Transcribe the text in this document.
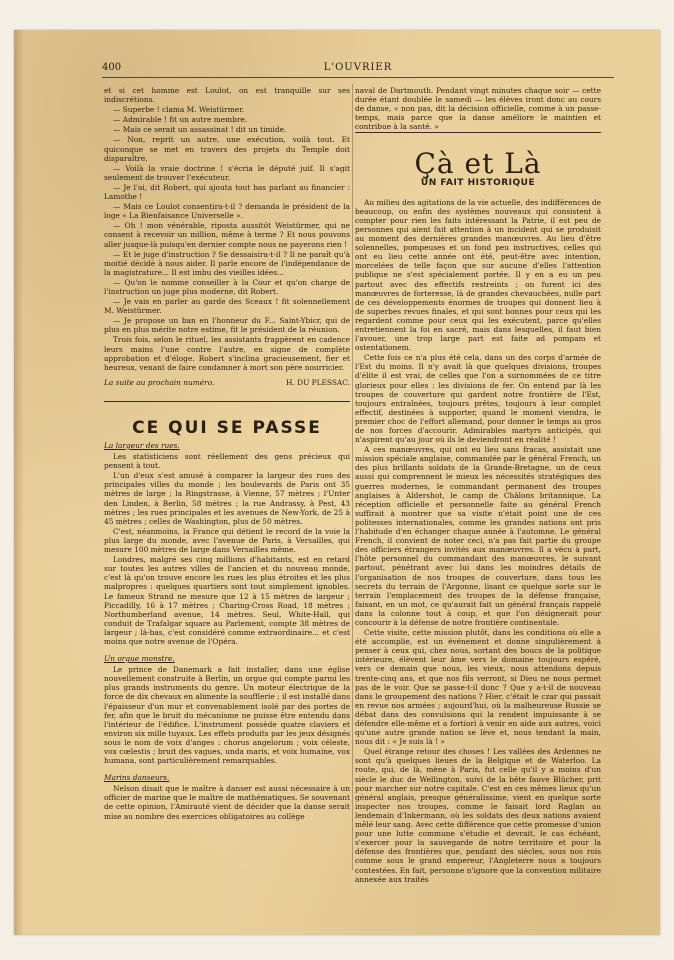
400	L'OUVRIER

et si cet homme est Loulot, on est tranquille sur ses indiscrétions.

— Superbe ! clama M. Weistürmer.

— Admirable ! fit un autre membre.

— Mais ce serait un assassinat ! dit un timide.

— Non, reprit un autre, une exécution, voilà tout. Et quiconque se met en travers des projets du Temple doit disparaître.

— Voilà la vraie doctrine ! s'écria le député juif. Il s'agit seulement de trouver l'exécuteur.

— Je l'ai, dit Robert, qui ajouta tout bas parlant au financier : Lamothe !

— Mais ce Loulot consentira-t-il ? demanda le président de la loge « La Bienfaisance Universelle ».

— Oh ! mon vénérable, riposta aussitôt Weistürmer, qui ne consent à recevoir un million, même à terme ? Et nous pouvons aller jusque-là puisqu'en dernier compte nous ne payerons rien !

— Et le juge d'instruction ? Se dessaisira-t-il ? Il ne paraît qu'à moitié décidé à nous aider. Il parle encore de l'indépendance de la magistrature... Il est imbu des vieilles idées...

— Qu'on le nomme conseiller à la Cour et qu'on charge de l'instruction un juge plus moderne, dit Robert.

— Je vais en parler au garde des Sceaux ! fit solennellement M. Weistürmer.

— Je propose un ban en l'honneur du F... Saint-Ybicr, qui de plus en plus mérite notre estime, fit le président de la réunion.

Trois fois, selon le rituel, les assistants frappèrent en cadence leurs mains l'une contre l'autre, en signe de complète approbation et d'éloge. Robert s'inclina gracieusement, fier et heureux, venant de faire condamner à mort son père nourricier.

La suite au prochain numéro.	H. DU PLESSAC.
CE QUI SE PASSE
La largeur des rues.

Les statisticiens sont réellement des gens précieux qui pensent à tout.

L'un d'eux s'est amusé à comparer la largeur des rues des principales villes du monde ; les boulevards de Paris ont 35 mètres de large ; la Ringstrasse, à Vienne, 57 mètres ; l'Unter den Linden, à Berlin, 58 mètres ; la rue Andrassy, à Pest, 43 mètres ; les rues principales et les avenues de New-York, de 25 à 45 mètres ; celles de Washington, plus de 50 mètres.

C'est, néanmoins, la France qui détient le record de la voie la plus large du monde, avec l'avenue de Paris, à Versailles, qui mesure 100 mètres de large dans Versailles même.

Londres, malgré ses cinq millions d'habitants, est en retard sur toutes les autres villes de l'ancien et du nouveau monde, c'est là qu'on trouve encore les rues les plus étroites et les plus malpropres : quelques quartiers sont tout simplement ignobles. Le fameux Strand ne mesure que 12 à 15 mètres de largeur ; Piccadilly, 16 à 17 mètres ; Charing-Cross Road, 18 mètres ; Northumberland avenue, 14 mètres. Seul, White-Hall, qui conduit de Trafalgar square au Parlement, compte 38 mètres de largeur ; là-bas, c'est considéré comme extraordinaire... et c'est moins que notre avenue de l'Opéra.

Un orgue monstre.

Le prince de Danemark a fait installer, dans une église nouvellement construite à Berlin, un orgue qui compte parmi les plus grands instruments du genre. Un moteur électrique de la force de dix chevaux en alimente la soufflerie ; il est installé dans l'épaisseur d'un mur et convenablement isolé par des portes de fer, afin que le bruit du mécanisme ne puisse être entendu dans l'intérieur de l'édifice. L'instrument possède quatre claviers et environ six mille tuyaux. Les effets produits par les jeux désignés sous le nom de voix d'anges : chorus angelorum ; voix céleste, vox cœlestis ; bruit des vagues, unda maris, et voix humaine, vox humana, sont particulièrement remarquables.

Marins danseurs.

Nelson disait que le maître à danser est aussi nécessaire à un officier de marine que le maître de mathématiques. Se souvenant de cette opinion, l'Amirauté vient de décider que la danse serait mise au nombre des exercices obligatoires au collège

naval de Dartmouth. Pendant vingt minutes chaque soir — cette durée étant doublée le samedi — les élèves iront donc au cours de danse, « non pas, dit la décision officielle, comme à un passe-temps, mais parce que la danse améliore le maintien et contribue à la santé. »

Çà et Là
UN FAIT HISTORIQUE

Au milieu des agitations de la vie actuelle, des indifférences de beaucoup, ou enfin des systèmes nouveaux qui consistent à compter pour rien les faits intéressant la Patrie, il est peu de personnes qui aient fait attention à un incident qui se produisit au moment des dernières grandes manœuvres. Au lieu d'être solennelles, pompeuses et un fond peu instructives, celles qui ont eu lieu cette année ont été, peut-être avec intention, morcelées de telle façon que sur aucune d'elles l'attention publique ne s'est spécialement portée. Il y en a eu un peu partout avec des effectifs restreints ; on furent ici des manœuvres de forteresse, là de grandes chevauchées, nulle part de ces développements énormes de troupes qui donnent lieu à de superbes revues finales, et qui sont bonnes pour ceux qui les regardent comme pour ceux qui les exécutent, parce qu'elles entretiennent la foi en sacré, mais dans lesquelles, il faut bien l'avouer, une trop large part est faite ad pompam et ostentationem.

Cette fois ce n'a plus été cela, dans un des corps d'armée de l'Est du moins. Il n'y avait là que quelques divisions, troupes d'élite il est vrai, de celles que l'on a surnommées de ce titre glorieux pour elles : les divisions de fer. On entend par là les troupes de couverture qui gardent notre frontière de l'Est, toujours entraînées, toujours prêtes, toujours à leur complet effectif, destinées à supporter, quand le moment viendra, le premier choc de l'effort allemand, pour donner le temps au gros de nos forces d'accourir. Admirables martyrs anticipés, qui n'aspirent qu'au jour où ils le deviendront en réalité !

A ces manœuvres, qui ont eu lieu sans fracas, assistait une mission spéciale anglaise, commandée par le général French, un des plus brillants soldats de la Grande-Bretagne, un de ceux aussi qui comprennent le mieux les nécessités stratégiques des guerres modernes, le commandant permanent des troupes anglaises à Aldershot, le camp de Châlons britannique. La réception officielle et personnelle faite au général French suffirait à montrer que sa visite n'était point une de ces politesses internationales, comme les grandes nations ont pris l'habitude d'en échanger chaque année à l'automne. Le général French, il convient de noter ceci, n'a pas fait partie du groupe des officiers étrangers invités aux manœuvres. Il a vécu à part, l'hôte personnel du commandant des manœuvres, le suivant partout, pénétrant avec lui dans les moindres détails de l'organisation de nos troupes de couverture, dans tous les secrets du terrain de l'Argonne, lisant ce quelque sorte sur le terrain l'emplacement des troupes de la défense française, faisant, en un mot, ce qu'aurait fait un général français rappelé dans la colonne tout à coup, et que l'on désignerait pour concourir à la défense de notre frontière continentale.

Cette visite, cette mission plutôt, dans les conditions où elle a été accomplie, est un événement et donne singulièrement à penser à ceux qui, chez nous, sortant des boucs de la politique intérieure, élèvent leur âme vers le domaine toujours espéré, vers ce demain que nous, les vieux, nous attendons depuis trente-cinq ans, et que nos fils verront, si Dieu ne nous permet pas de le voir. Que se passe-t-il donc ? Que y a-t-il de nouveau dans le groupement des nations ? Hier, c'était le czar qui passait en revue nos armées ; aujourd'hui, où la malheureuse Russie se débat dans des convulsions qui la rendent impuissante à se défendre elle-même et a fortiori à venir en aide aux autres, voici qu'une autre grande nation se lève et, nous tendant la main, nous dit : « Je suis là ! »

Quel étrange retour des choses ! Les vallées des Ardennes ne sont qu'à quelques lieues de la Belgique et de Waterloo. La route, qui, de là, mène à Paris, fut celle qu'il y a moins d'un siècle le duc de Wellington, suivi de la bête fauve Blücher, prit pour marcher sur notre capitale. C'est en ces mêmes lieux qu'un général anglais, presque généralissime, vient en quelque sorte inspecter nos troupes, comme le faisait lord Raglan au lendemain d'Inkermann, où les soldats des deux nations avaient mêlé leur sang. Avec cette différence que cette promesse d'union pour une lutte commune s'étudie et devrait, le cas échéant, s'exercer pour la sauvegarde de notre territoire et pour la défense des frontières que, pendant des siècles, sous nos rois comme sous le grand empereur, l'Angleterre nous a toujours contestées. En fait, personne n'ignore que la convention militaire annexée aux traités
